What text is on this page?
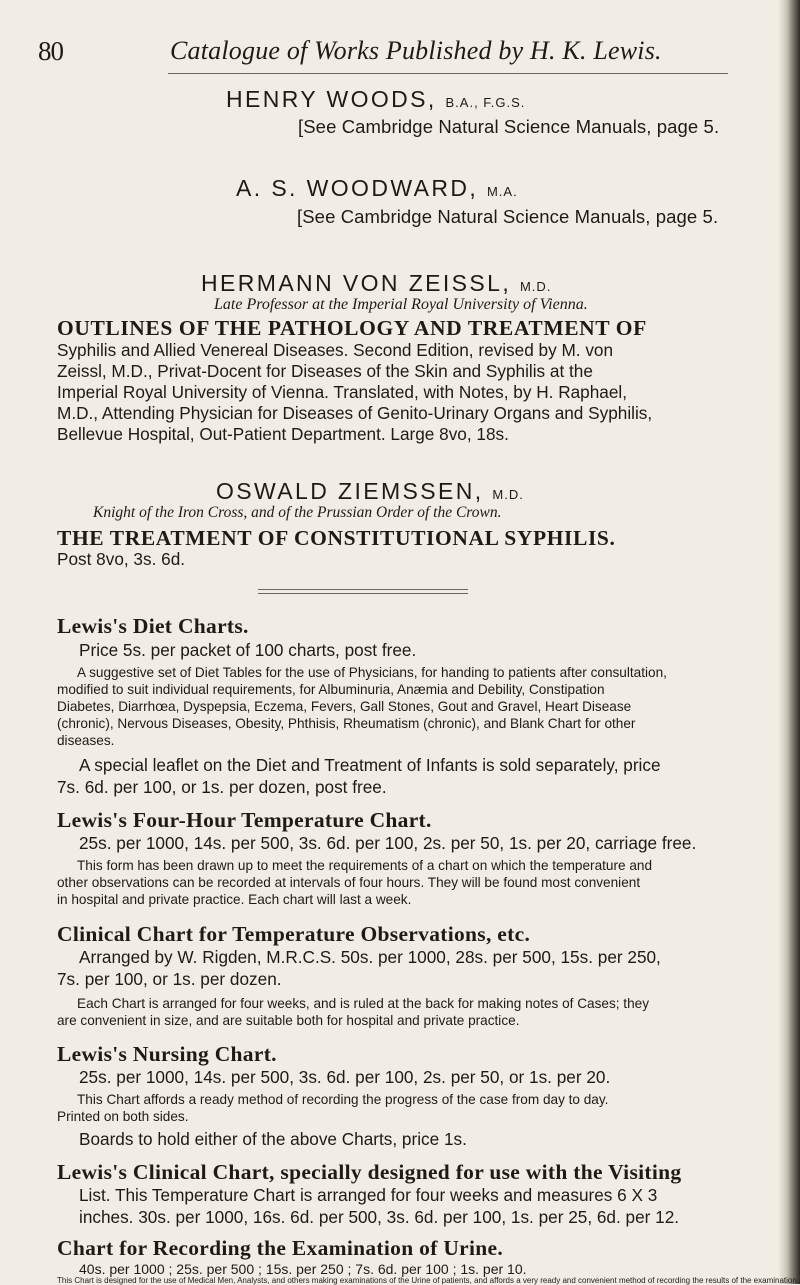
80	Catalogue of Works Published by H. K. Lewis.
HENRY WOODS, B.A., F.G.S.
[See Cambridge Natural Science Manuals, page 5.
A. S. WOODWARD, M.A.
[See Cambridge Natural Science Manuals, page 5.
HERMANN VON ZEISSL, M.D.
Late Professor at the Imperial Royal University of Vienna.
OUTLINES OF THE PATHOLOGY AND TREATMENT OF
Syphilis and Allied Venereal Diseases. Second Edition, revised by M. von
Zeissl, M.D., Privat-Docent for Diseases of the Skin and Syphilis at the
Imperial Royal University of Vienna. Translated, with Notes, by H. Raphael,
M.D., Attending Physician for Diseases of Genito-Urinary Organs and Syphilis,
Bellevue Hospital, Out-Patient Department. Large 8vo, 18s.
OSWALD ZIEMSSEN, M.D.
Knight of the Iron Cross, and of the Prussian Order of the Crown.
THE TREATMENT OF CONSTITUTIONAL SYPHILIS.
Post 8vo, 3s. 6d.
Lewis's Diet Charts.
Price 5s. per packet of 100 charts, post free.
A suggestive set of Diet Tables for the use of Physicians, for handing to patients after consultation,
modified to suit individual requirements, for Albuminuria, Anæmia and Debility, Constipation
Diabetes, Diarrhœa, Dyspepsia, Eczema, Fevers, Gall Stones, Gout and Gravel, Heart Disease
(chronic), Nervous Diseases, Obesity, Phthisis, Rheumatism (chronic), and Blank Chart for other
diseases.
A special leaflet on the Diet and Treatment of Infants is sold separately, price
7s. 6d. per 100, or 1s. per dozen, post free.
Lewis's Four-Hour Temperature Chart.
25s. per 1000, 14s. per 500, 3s. 6d. per 100, 2s. per 50, 1s. per 20, carriage free.
This form has been drawn up to meet the requirements of a chart on which the temperature and
other observations can be recorded at intervals of four hours. They will be found most convenient
in hospital and private practice. Each chart will last a week.
Clinical Chart for Temperature Observations, etc.
Arranged by W. Rigden, M.R.C.S. 50s. per 1000, 28s. per 500, 15s. per 250,
7s. per 100, or 1s. per dozen.
Each Chart is arranged for four weeks, and is ruled at the back for making notes of Cases; they
are convenient in size, and are suitable both for hospital and private practice.
Lewis's Nursing Chart.
25s. per 1000, 14s. per 500, 3s. 6d. per 100, 2s. per 50, or 1s. per 20.
This Chart affords a ready method of recording the progress of the case from day to day.
Printed on both sides.
Boards to hold either of the above Charts, price 1s.
Lewis's Clinical Chart, specially designed for use with the Visiting
List. This Temperature Chart is arranged for four weeks and measures 6 X 3
inches. 30s. per 1000, 16s. 6d. per 500, 3s. 6d. per 100, 1s. per 25, 6d. per 12.
Chart for Recording the Examination of Urine.
40s. per 1000 ; 25s. per 500 ; 15s. per 250 ; 7s. 6d. per 100 ; 1s. per 10.
This Chart is designed for the use of Medical Men, Analysts, and others making examinations of the Urine of patients, and affords a very ready and convenient method of recording the results of the examination.
